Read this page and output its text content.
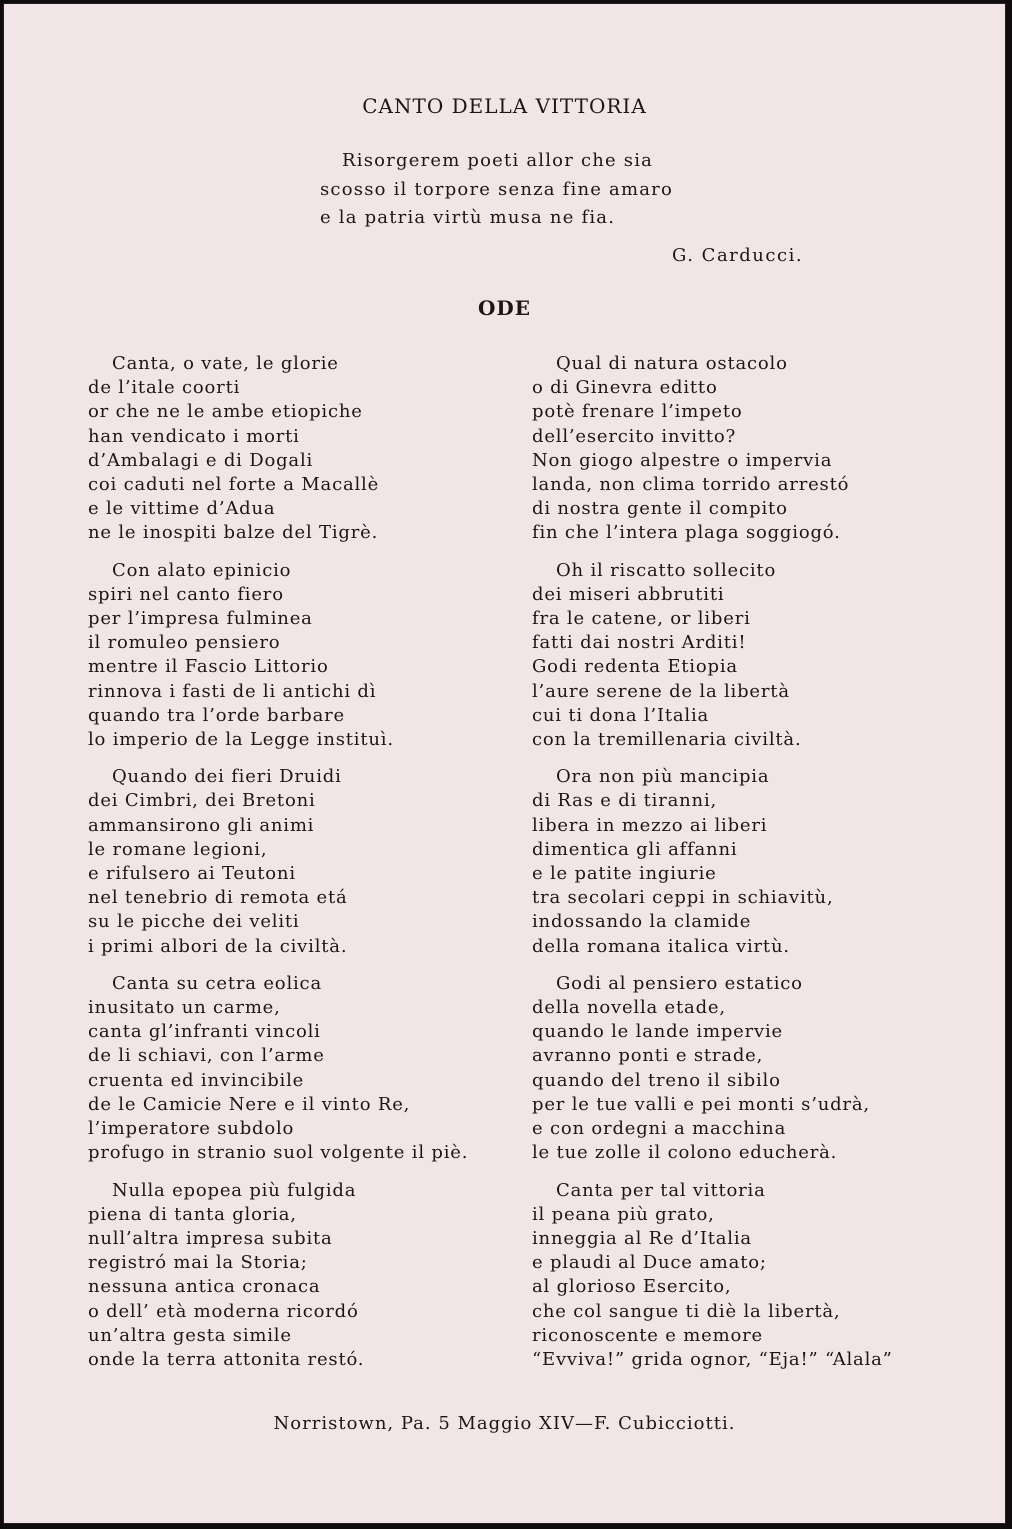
CANTO DELLA VITTORIA
Risorgerem poeti allor che sia
scosso il torpore senza fine amaro
e la patria virtù musa ne fia.
G. Carducci.
ODE
Canta, o vate, le glorie
de l’itale coorti
or che ne le ambe etiopiche
han vendicato i morti
d’Ambalagi e di Dogali
coi caduti nel forte a Macallè
e le vittime d’Adua
ne le inospiti balze del Tigrè.
Con alato epinicio
spiri nel canto fiero
per l’impresa fulminea
il romuleo pensiero
mentre il Fascio Littorio
rinnova i fasti de li antichi dì
quando tra l’orde barbare
lo imperio de la Legge instituì.
Quando dei fieri Druidi
dei Cimbri, dei Bretoni
ammansirono gli animi
le romane legioni,
e rifulsero ai Teutoni
nel tenebrio di remota etá
su le picche dei veliti
i primi albori de la civiltà.
Canta su cetra eolica
inusitato un carme,
canta gl’infranti vincoli
de li schiavi, con l’arme
cruenta ed invincibile
de le Camicie Nere e il vinto Re,
l’imperatore subdolo
profugo in stranio suol volgente il piè.
Nulla epopea più fulgida
piena di tanta gloria,
null’altra impresa subita
registró mai la Storia;
nessuna antica cronaca
o dell’ età moderna ricordó
un’altra gesta simile
onde la terra attonita restó.
Qual di natura ostacolo
o di Ginevra editto
potè frenare l’impeto
dell’esercito invitto?
Non giogo alpestre o impervia
landa, non clima torrido arrestó
di nostra gente il compito
fin che l’intera plaga soggiogó.
Oh il riscatto sollecito
dei miseri abbrutiti
fra le catene, or liberi
fatti dai nostri Arditi!
Godi redenta Etiopia
l’aure serene de la libertà
cui ti dona l’Italia
con la tremillenaria civiltà.
Ora non più mancipia
di Ras e di tiranni,
libera in mezzo ai liberi
dimentica gli affanni
e le patite ingiurie
tra secolari ceppi in schiavitù,
indossando la clamide
della romana italica virtù.
Godi al pensiero estatico
della novella etade,
quando le lande impervie
avranno ponti e strade,
quando del treno il sibilo
per le tue valli e pei monti s’udrà,
e con ordegni a macchina
le tue zolle il colono educherà.
Canta per tal vittoria
il peana più grato,
inneggia al Re d’Italia
e plaudi al Duce amato;
al glorioso Esercito,
che col sangue ti diè la libertà,
riconoscente e memore
“Evviva!” grida ognor, “Eja!” “Alala”
Norristown, Pa. 5 Maggio XIV—F. Cubicciotti.
